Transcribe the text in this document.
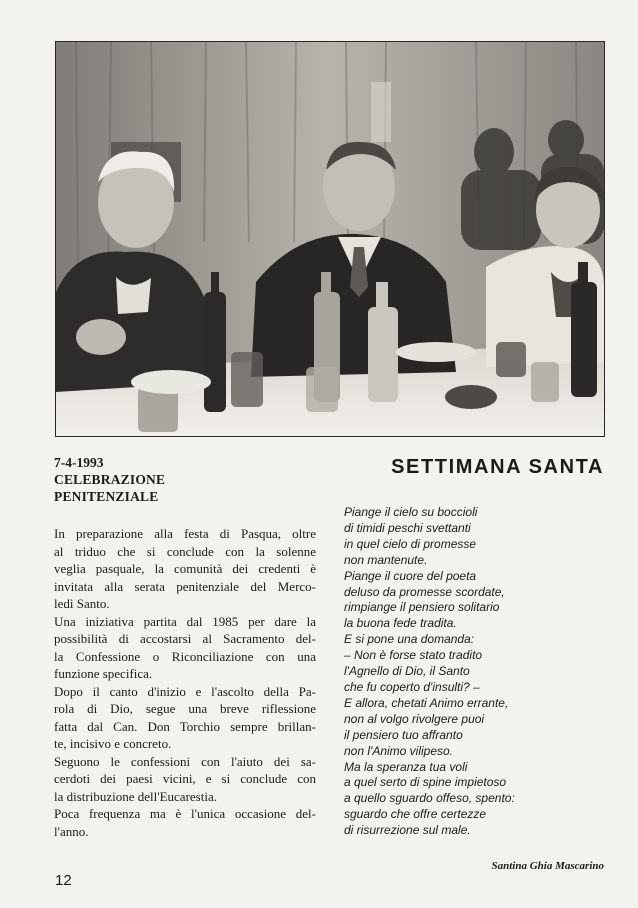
7-4-1993

CELEBRAZIONE
PENITENZIALE

In preparazione alla festa di Pasqua, oltre
al triduo che si conclude con la solenne
veglia pasquale, la comunità dei credenti è
invitata alla serata penitenziale del Merco-
ledì Santo.
Una iniziativa partita dal 1985 per dare la
possibilità di accostarsi al Sacramento del-
la Confessione o Riconciliazione con una
funzione specifica.
Dopo il canto d'inizio e l'ascolto della Pa-
rola di Dio, segue una breve riflessione
fatta dal Can. Don Torchio sempre brillan-
te, incisivo e concreto.
Seguono le confessioni con l'aiuto dei sa-
cerdoti dei paesi vicini, e si conclude con
la distribuzione dell'Eucarestia.
Poca frequenza ma è l'unica occasione del-
l'anno.
SETTIMANA SANTA
Piange il cielo su boccioli
di timidi peschi svettanti
in quel cielo di promesse
non mantenute.
Piange il cuore del poeta
deluso da promesse scordate,
rimpiange il pensiero solitario
la buona fede tradita.
E si pone una domanda:
– Non è forse stato tradito
l'Agnello di Dio, il Santo
che fu coperto d'insulti? –
E allora, chetati Animo errante,
non al volgo rivolgere puoi
il pensiero tuo affranto
non l'Animo vilipeso.
Ma la speranza tua voli
a quel serto di spine impietoso
a quello sguardo offeso, spento:
sguardo che offre certezze
di risurrezione sul male.
Santina Ghia Mascarino
12
